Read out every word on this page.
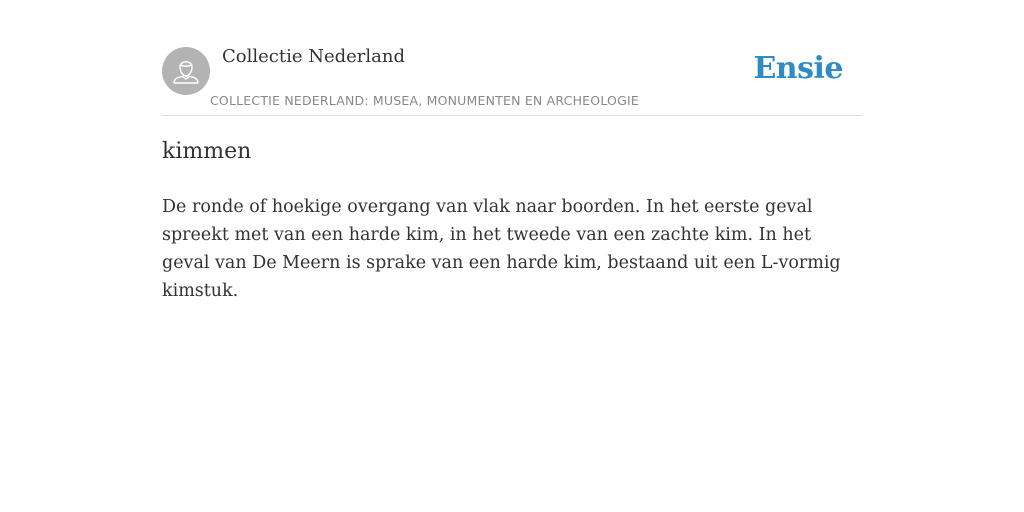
Collectie Nederland
COLLECTIE NEDERLAND: MUSEA, MONUMENTEN EN ARCHEOLOGIE
Ensie
kimmen

De ronde of hoekige overgang van vlak naar boorden. In het eerste geval spreekt met van een harde kim, in het tweede van een zachte kim. In het geval van De Meern is sprake van een harde kim, bestaand uit een L-vormig kimstuk.
